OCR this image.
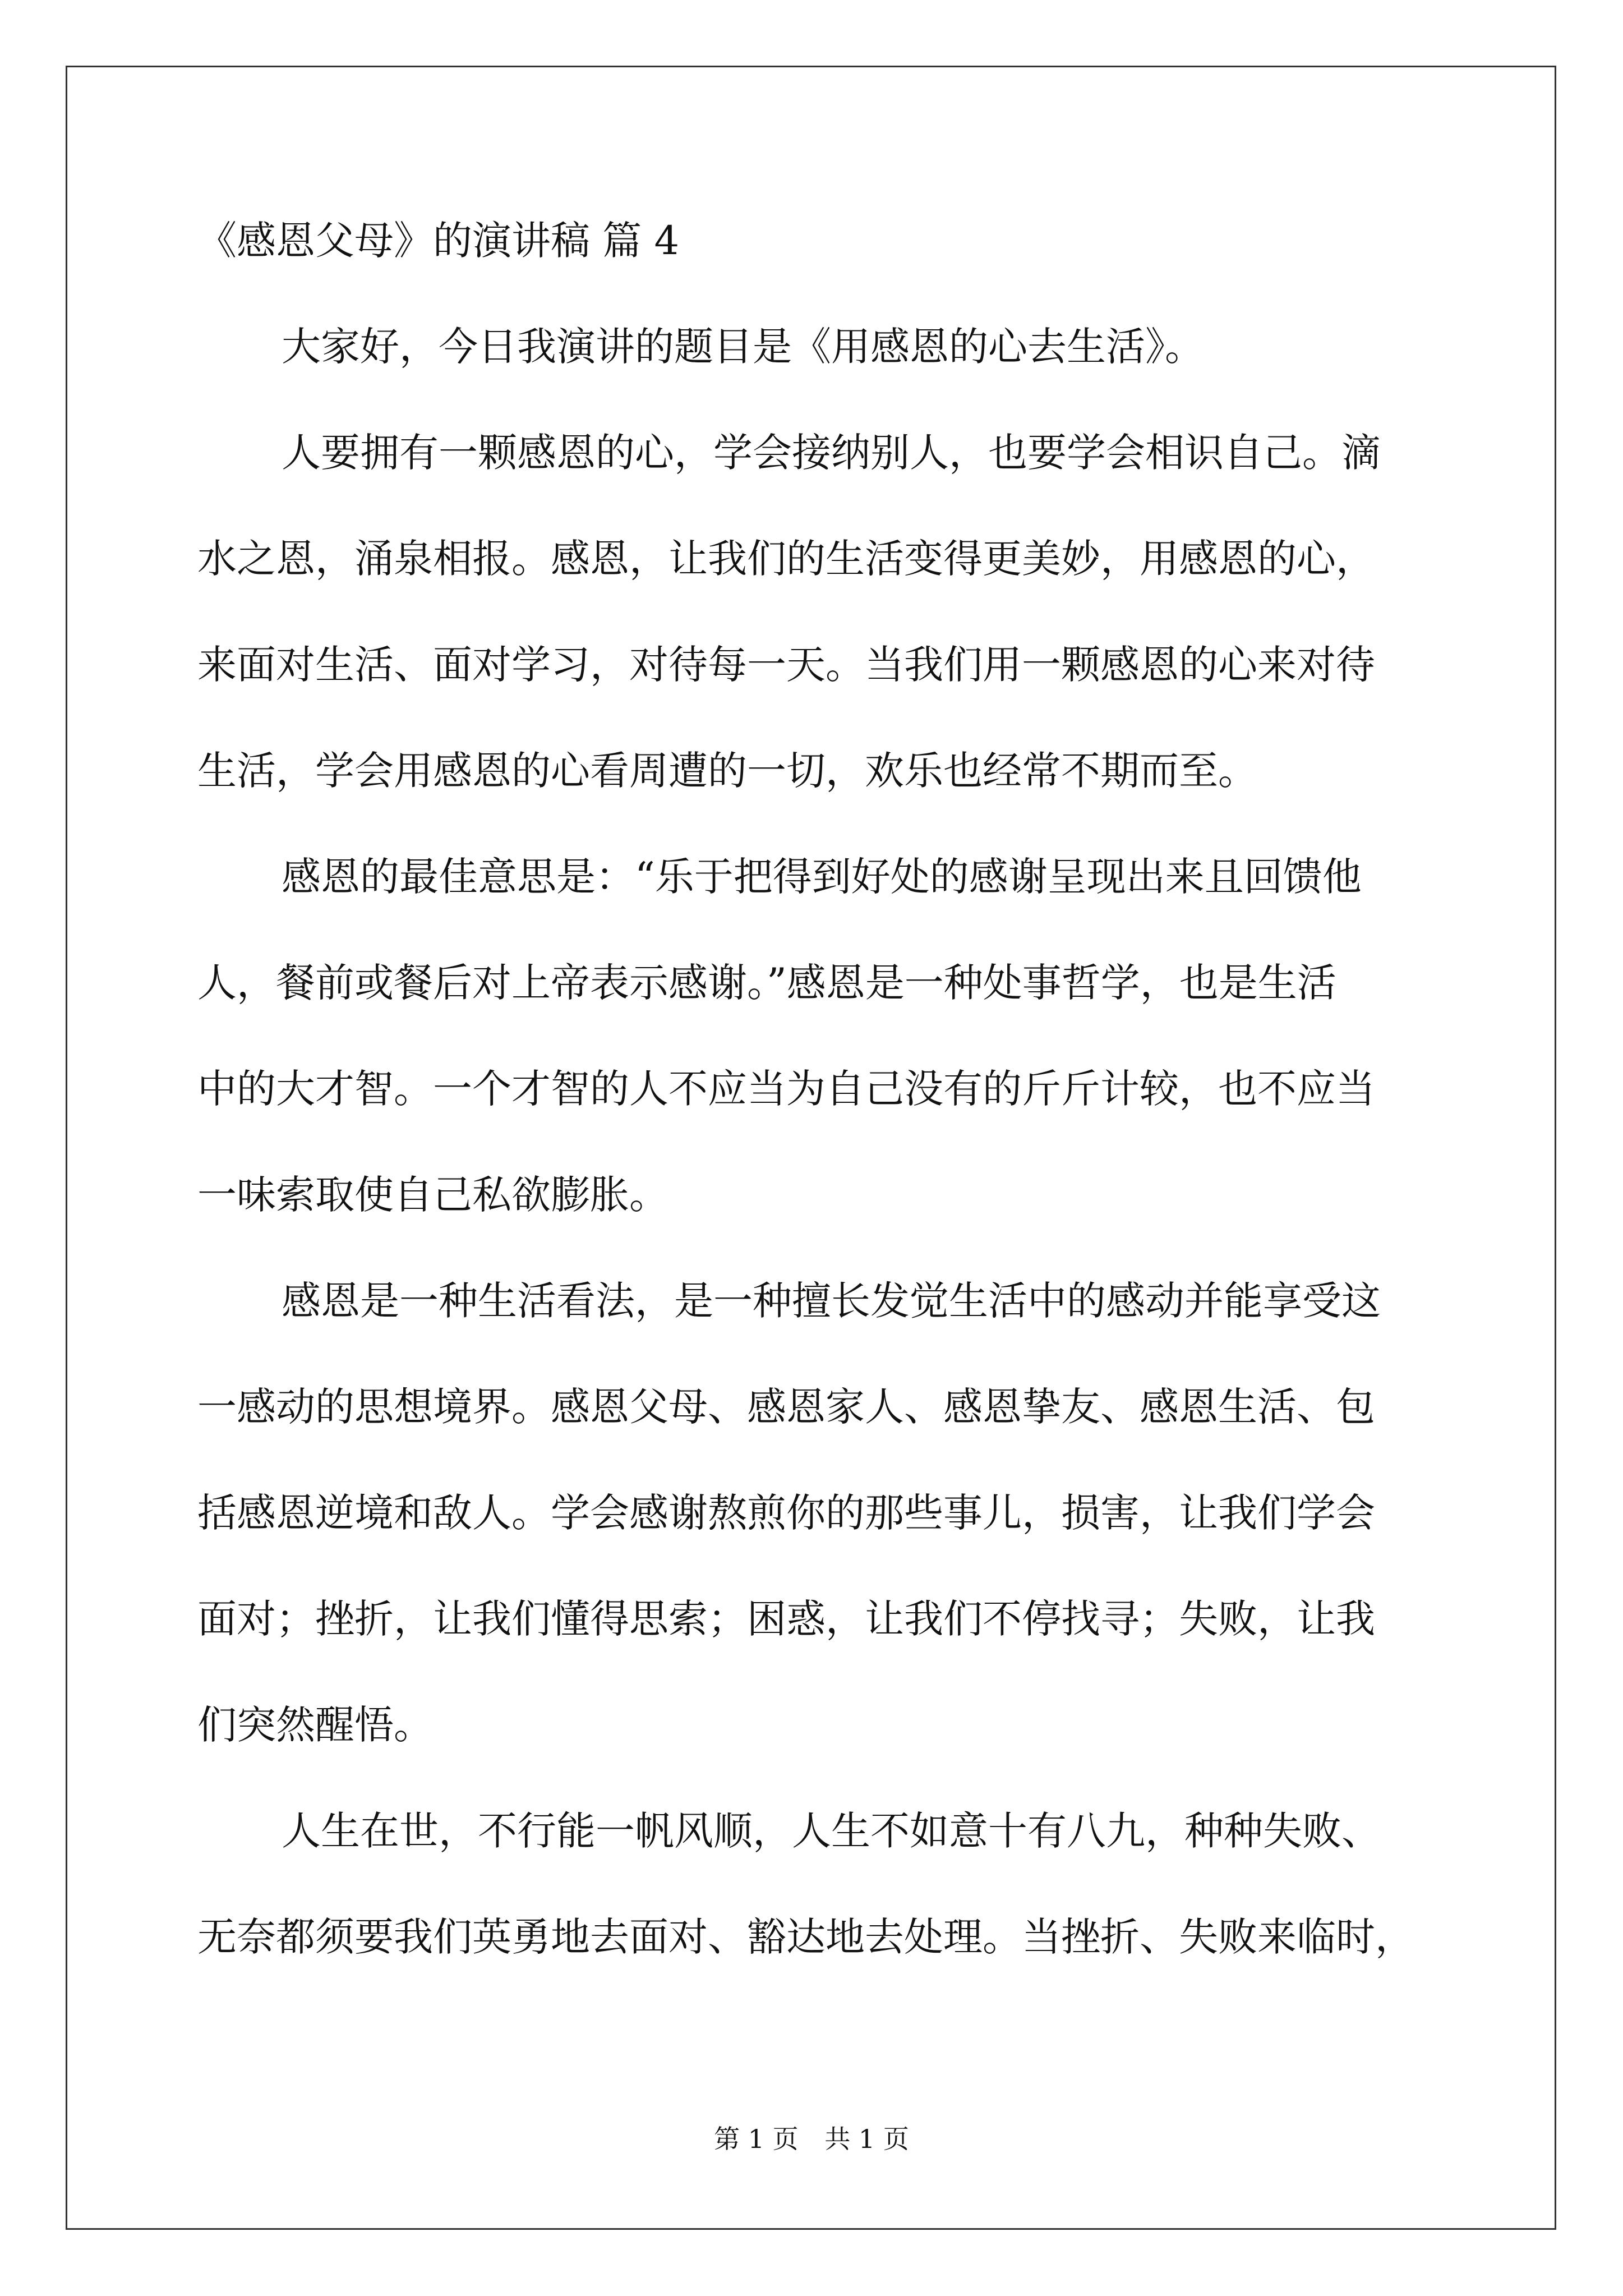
《感恩父母》的演讲稿 篇 4
大家好，今日我演讲的题目是《用感恩的心去生活》。
人要拥有一颗感恩的心，学会接纳别人，也要学会相识自己。滴
水之恩，涌泉相报。感恩，让我们的生活变得更美妙，用感恩的心，
来面对生活、面对学习，对待每一天。当我们用一颗感恩的心来对待
生活，学会用感恩的心看周遭的一切，欢乐也经常不期而至。
感恩的最佳意思是：“乐于把得到好处的感谢呈现出来且回馈他
人，餐前或餐后对上帝表示感谢。”感恩是一种处事哲学，也是生活
中的大才智。一个才智的人不应当为自己没有的斤斤计较，也不应当
一味索取使自己私欲膨胀。
感恩是一种生活看法，是一种擅长发觉生活中的感动并能享受这
一感动的思想境界。感恩父母、感恩家人、感恩挚友、感恩生活、包
括感恩逆境和敌人。学会感谢熬煎你的那些事儿，损害，让我们学会
面对；挫折，让我们懂得思索；困惑，让我们不停找寻；失败，让我
们突然醒悟。
人生在世，不行能一帆风顺，人生不如意十有八九，种种失败、
无奈都须要我们英勇地去面对、豁达地去处理。当挫折、失败来临时，
第 1 页 共 1 页
